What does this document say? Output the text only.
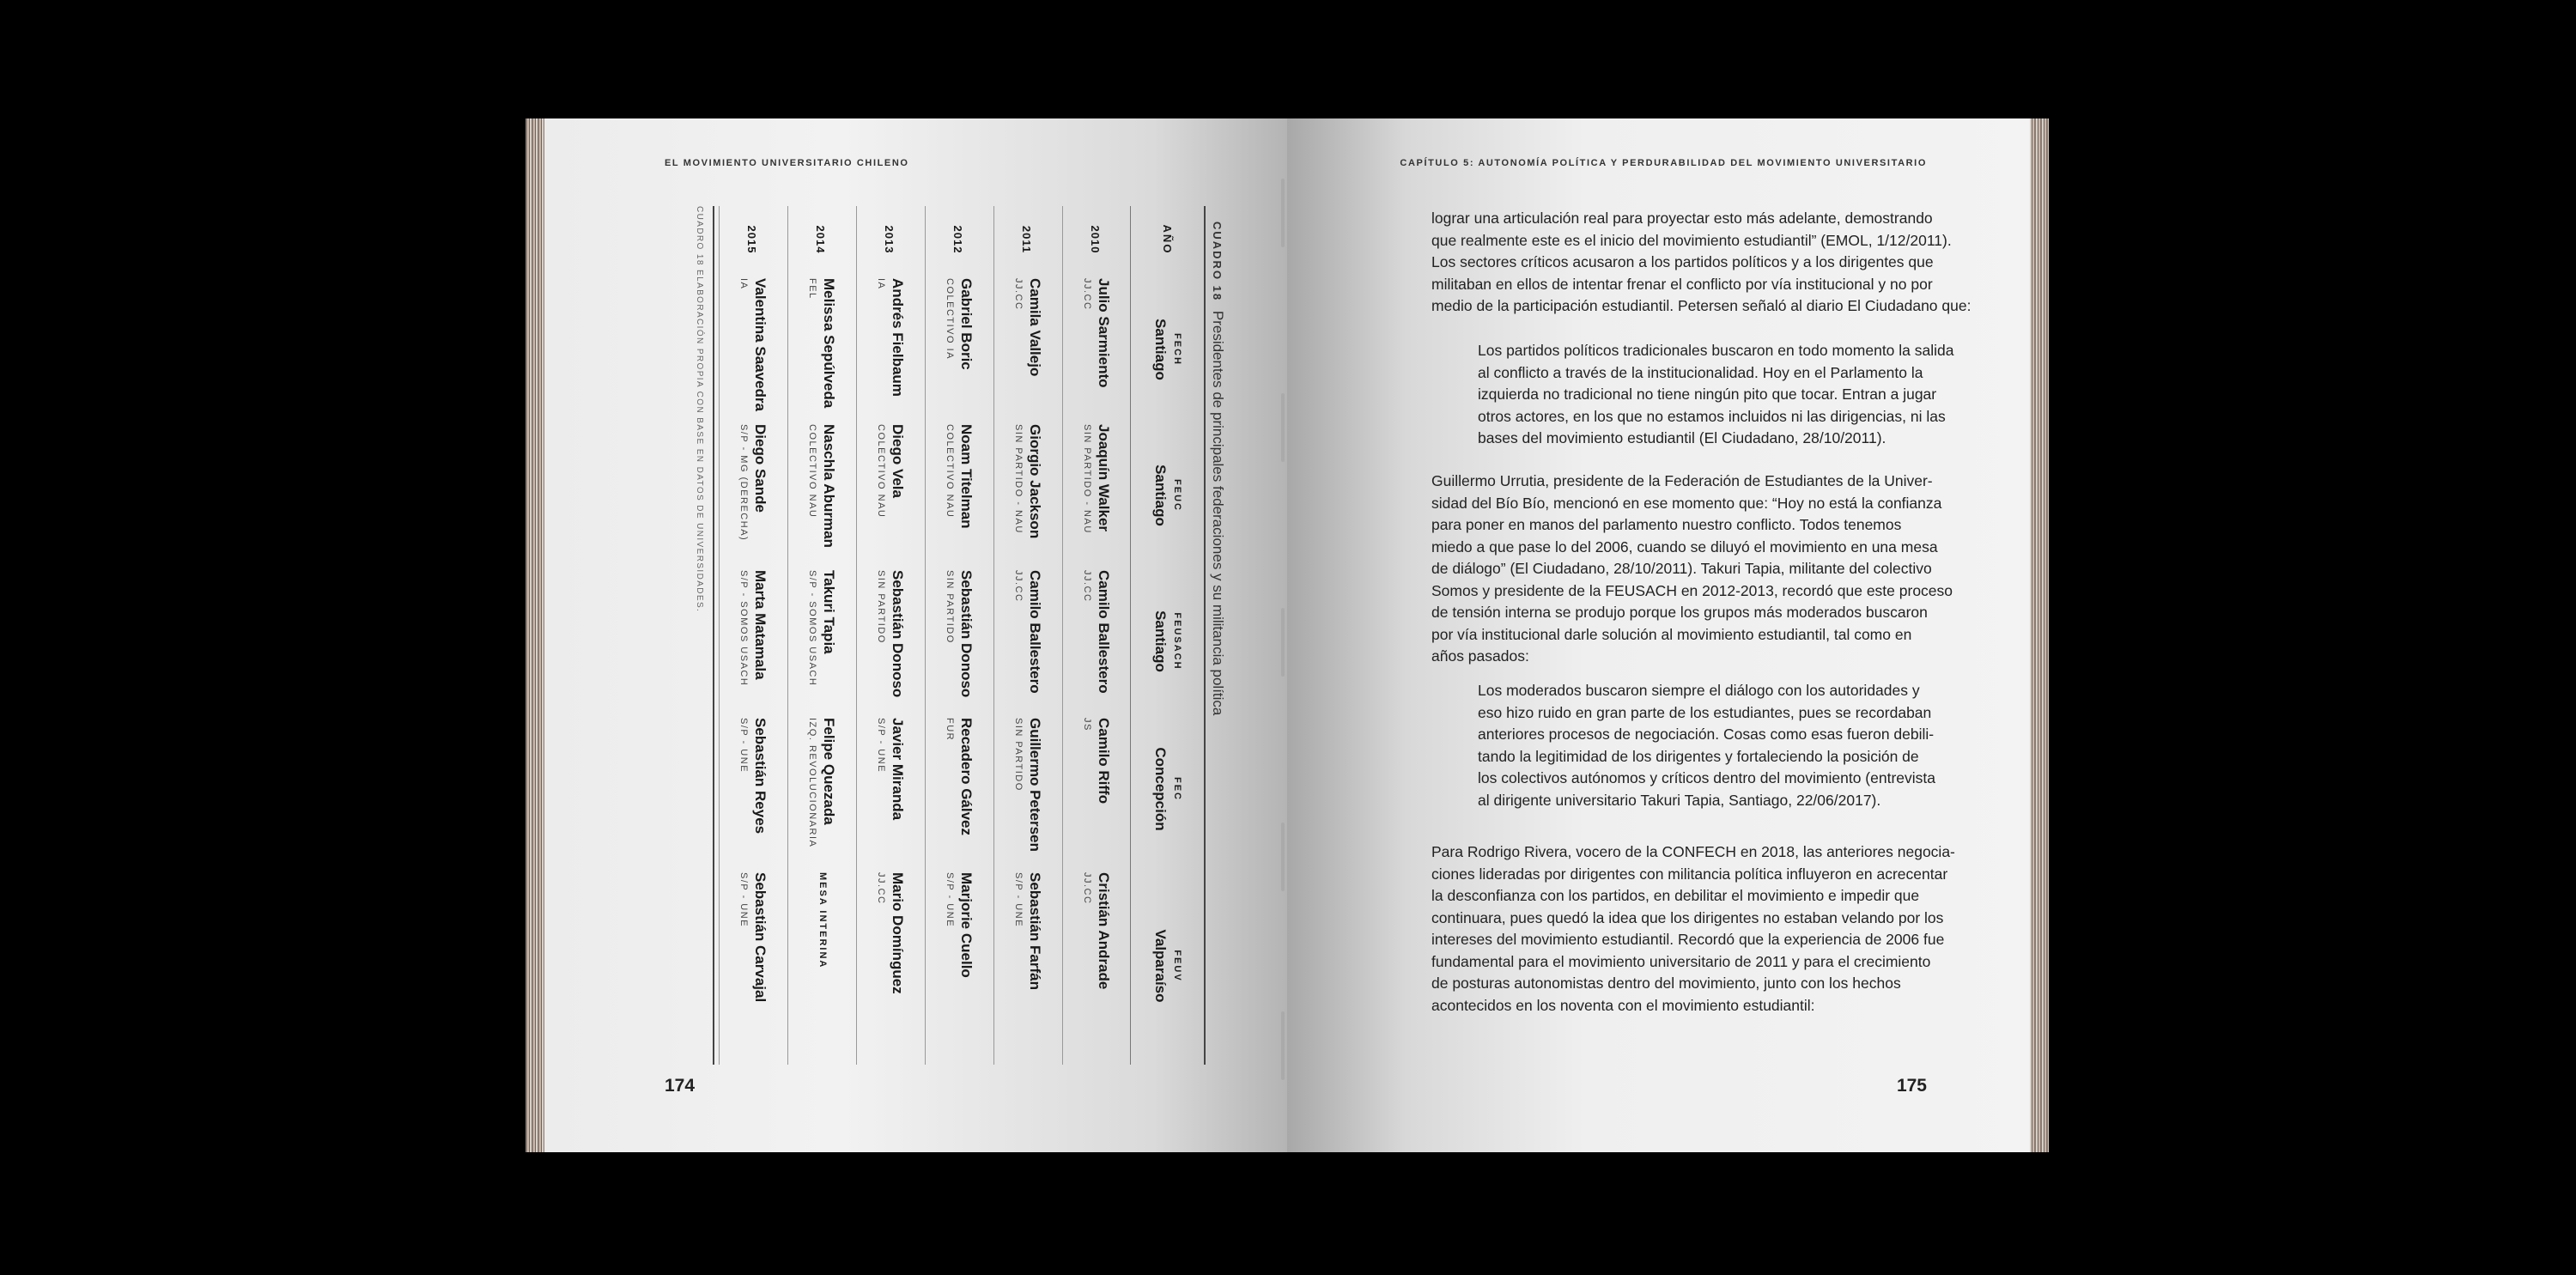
EL MOVIMIENTO UNIVERSITARIO CHILENO
CUADRO 18 Presidentes de principales federaciones y su militancia política
AÑO
FECH
Santiago
FEUC
Santiago
FEUSACH
Santiago
FEC
Concepción
FEUV
Valparaíso
2010
Julio Sarmiento
JJ.CC
Joaquín Walker
SIN PARTIDO - NAU
Camilo Ballestero
JJ.CC
Camilo Riffo
JS
Cristián Andrade
JJ.CC
2011
Camila Vallejo
JJ.CC
Giorgio Jackson
SIN PARTIDO - NAU
Camilo Ballestero
JJ.CC
Guillermo Petersen
SIN PARTIDO
Sebastián Farfán
S/P - UNE
2012
Gabriel Boric
COLECTIVO IA
Noam Titelman
COLECTIVO NAU
Sebastián Donoso
SIN PARTIDO
Recadero Gálvez
FUR
Marjorie Cuello
S/P - UNE
2013
Andrés Fielbaum
IA
Diego Vela
COLECTIVO NAU
Sebastián Donoso
SIN PARTIDO
Javier Miranda
S/P - UNE
Mario Domínguez
JJ.CC
2014
Melissa Sepúlveda
FEL
Naschla Aburman
COLECTIVO NAU
Takuri Tapia
S/P - SOMOS USACH
Felipe Quezada
IZQ. REVOLUCIONARIA
MESA INTERINA
2015
Valentina Saavedra
IA
Diego Sande
S/P - MG (DERECHA)
Marta Matamala
S/P - SOMOS USACH
Sebastián Reyes
S/P - UNE
Sebastián Carvajal
S/P - UNE
CUADRO 18 ELABORACIÓN PROPIA CON BASE EN DATOS DE UNIVERSIDADES.
174
CAPÍTULO 5: AUTONOMÍA POLÍTICA Y PERDURABILIDAD DEL MOVIMIENTO UNIVERSITARIO

lograr una articulación real para proyectar esto más adelante, demostrando

que realmente este es el inicio del movimiento estudiantil” (EMOL, 1/12/2011).

Los sectores críticos acusaron a los partidos políticos y a los dirigentes que

militaban en ellos de intentar frenar el conflicto por vía institucional y no por

medio de la participación estudiantil. Petersen señaló al diario El Ciudadano que:

Los partidos políticos tradicionales buscaron en todo momento la salida

al conflicto a través de la institucionalidad. Hoy en el Parlamento la

izquierda no tradicional no tiene ningún pito que tocar. Entran a jugar

otros actores, en los que no estamos incluidos ni las dirigencias, ni las

bases del movimiento estudiantil (El Ciudadano, 28/10/2011).

Guillermo Urrutia, presidente de la Federación de Estudiantes de la Univer-

sidad del Bío Bío, mencionó en ese momento que: “Hoy no está la confianza

para poner en manos del parlamento nuestro conflicto. Todos tenemos

miedo a que pase lo del 2006, cuando se diluyó el movimiento en una mesa

de diálogo” (El Ciudadano, 28/10/2011). Takuri Tapia, militante del colectivo

Somos y presidente de la FEUSACH en 2012-2013, recordó que este proceso

de tensión interna se produjo porque los grupos más moderados buscaron

por vía institucional darle solución al movimiento estudiantil, tal como en

años pasados:

Los moderados buscaron siempre el diálogo con los autoridades y

eso hizo ruido en gran parte de los estudiantes, pues se recordaban

anteriores procesos de negociación. Cosas como esas fueron debili-

tando la legitimidad de los dirigentes y fortaleciendo la posición de

los colectivos autónomos y críticos dentro del movimiento (entrevista

al dirigente universitario Takuri Tapia, Santiago, 22/06/2017).

Para Rodrigo Rivera, vocero de la CONFECH en 2018, las anteriores negocia-

ciones lideradas por dirigentes con militancia política influyeron en acrecentar

la desconfianza con los partidos, en debilitar el movimiento e impedir que

continuara, pues quedó la idea que los dirigentes no estaban velando por los

intereses del movimiento estudiantil. Recordó que la experiencia de 2006 fue

fundamental para el movimiento universitario de 2011 y para el crecimiento

de posturas autonomistas dentro del movimiento, junto con los hechos

acontecidos en los noventa con el movimiento estudiantil:

175
